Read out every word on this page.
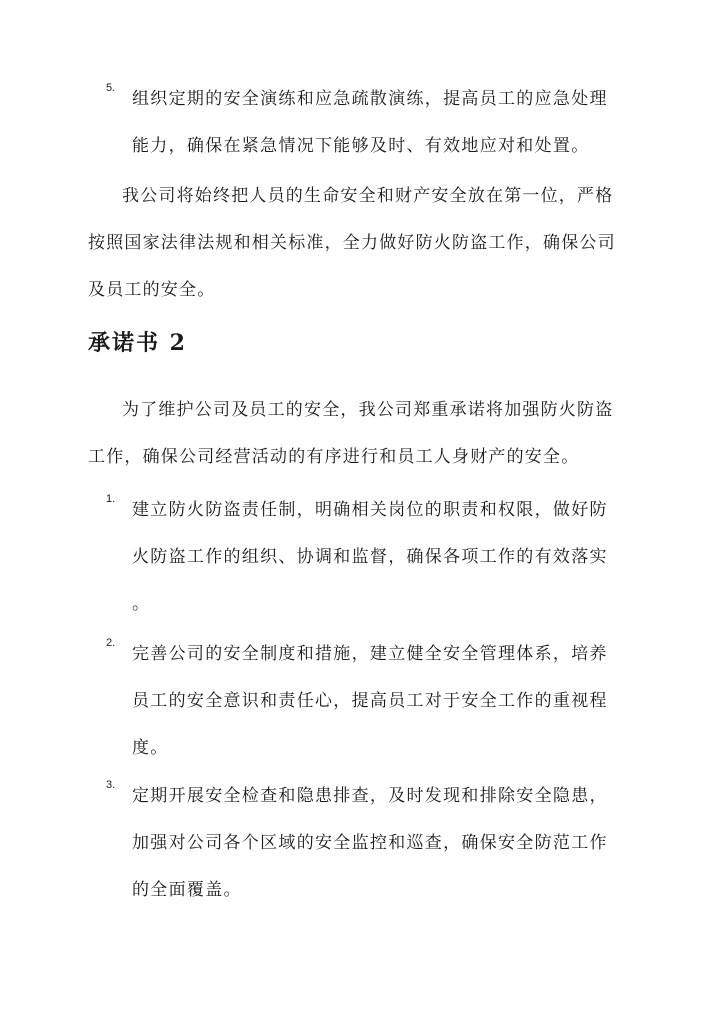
5.
组织定期的安全演练和应急疏散演练，提高员工的应急处理
能力，确保在紧急情况下能够及时、有效地应对和处置。
我公司将始终把人员的生命安全和财产安全放在第一位，严格
按照国家法律法规和相关标准，全力做好防火防盗工作，确保公司
及员工的安全。
承诺书 2
为了维护公司及员工的安全，我公司郑重承诺将加强防火防盗
工作，确保公司经营活动的有序进行和员工人身财产的安全。
1.
建立防火防盗责任制，明确相关岗位的职责和权限，做好防
火防盗工作的组织、协调和监督，确保各项工作的有效落实
。
2.
完善公司的安全制度和措施，建立健全安全管理体系，培养
员工的安全意识和责任心，提高员工对于安全工作的重视程
度。
3.
定期开展安全检查和隐患排查，及时发现和排除安全隐患，
加强对公司各个区域的安全监控和巡查，确保安全防范工作
的全面覆盖。
